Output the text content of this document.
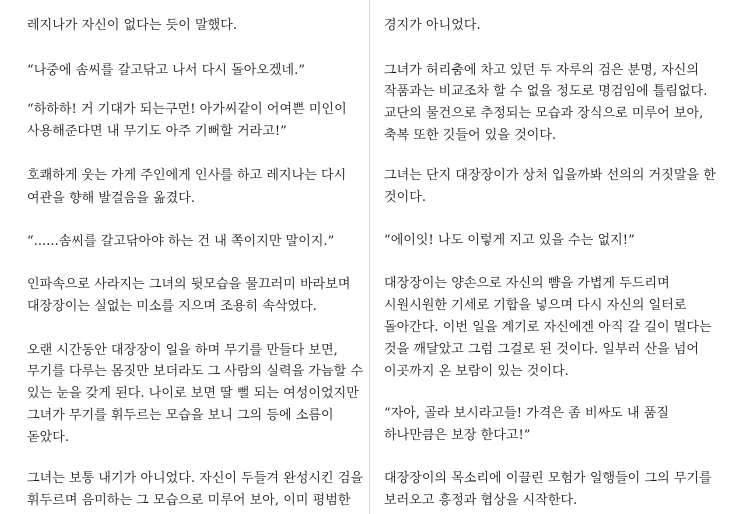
레지나가 자신이 없다는 듯이 말했다.
“나중에 솜씨를 갈고닦고 나서 다시 돌아오겠네.”
“하하하! 거 기대가 되는구먼! 아가씨같이 어여쁜 미인이
사용해준다면 내 무기도 아주 기뻐할 거라고!”
호쾌하게 웃는 가게 주인에게 인사를 하고 레지나는 다시
여관을 향해 발걸음을 옮겼다.
“......솜씨를 갈고닦아야 하는 건 내 쪽이지만 말이지.”
인파속으로 사라지는 그녀의 뒷모습을 물끄러미 바라보며
대장장이는 실없는 미소를 지으며 조용히 속삭였다.
오랜 시간동안 대장장이 일을 하며 무기를 만들다 보면,
무기를 다루는 몸짓만 보더라도 그 사람의 실력을 가늠할 수
있는 눈을 갖게 된다. 나이로 보면 딸 뻘 되는 여성이었지만
그녀가 무기를 휘두르는 모습을 보니 그의 등에 소름이
돋았다.
그녀는 보통 내기가 아니었다. 자신이 두들겨 완성시킨 검을
휘두르며 음미하는 그 모습으로 미루어 보아, 이미 평범한
경지가 아니었다.
그녀가 허리춤에 차고 있던 두 자루의 검은 분명, 자신의
작품과는 비교조차 할 수 없을 정도로 명검임에 틀림없다.
교단의 물건으로 추정되는 모습과 장식으로 미루어 보아,
축복 또한 깃들어 있을 것이다.
그녀는 단지 대장장이가 상처 입을까봐 선의의 거짓말을 한
것이다.
“에이잇! 나도 이렇게 지고 있을 수는 없지!”
대장장이는 양손으로 자신의 뺨을 가볍게 두드리며
시원시원한 기세로 기합을 넣으며 다시 자신의 일터로
돌아간다. 이번 일을 계기로 자신에겐 아직 갈 길이 멀다는
것을 깨달았고 그럼 그걸로 된 것이다. 일부러 산을 넘어
이곳까지 온 보람이 있는 것이다.
“자아, 골라 보시라고들! 가격은 좀 비싸도 내 품질
하나만큼은 보장 한다고!”
대장장이의 목소리에 이끌린 모험가 일행들이 그의 무기를
보러오고 흥정과 협상을 시작한다.
